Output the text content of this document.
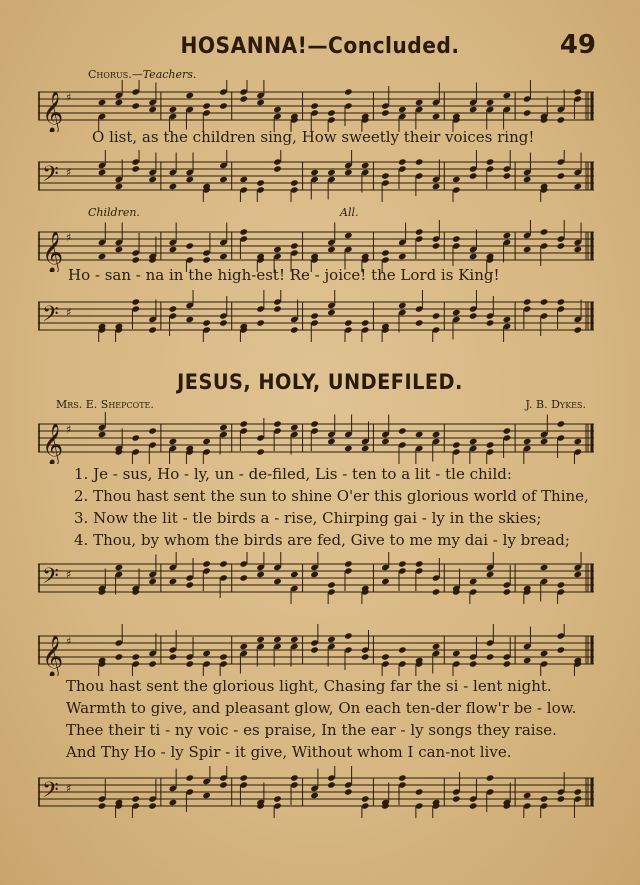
HOSANNA!—Concluded.	49
Chorus.—Teachers.
𝄞 ♯
O list, as the children sing, How sweetly their voices ring!
𝄢 ♯
Children.	All.
𝄞 ♯
Ho - san - na in the high-est! Re - joice! the Lord is King!
𝄢 ♯
JESUS, HOLY, UNDEFILED.
Mrs. E. Shepcote.	J. B. Dykes.
𝄞 ♯
1. Je - sus, Ho - ly, un - de-filed, Lis - ten to a lit - tle child:
2. Thou hast sent the sun to shine O'er this glorious world of Thine,
3. Now the lit - tle birds a - rise, Chirping gai - ly in the skies;
4. Thou, by whom the birds are fed, Give to me my dai - ly bread;
𝄢 ♯
𝄞 ♯
Thou hast sent the glorious light, Chasing far the si - lent night.
Warmth to give, and pleasant glow, On each ten-der flow'r be - low.
Thee their ti - ny voic - es praise, In the ear - ly songs they raise.
And Thy Ho - ly Spir - it give, Without whom I can-not live.
𝄢 ♯
